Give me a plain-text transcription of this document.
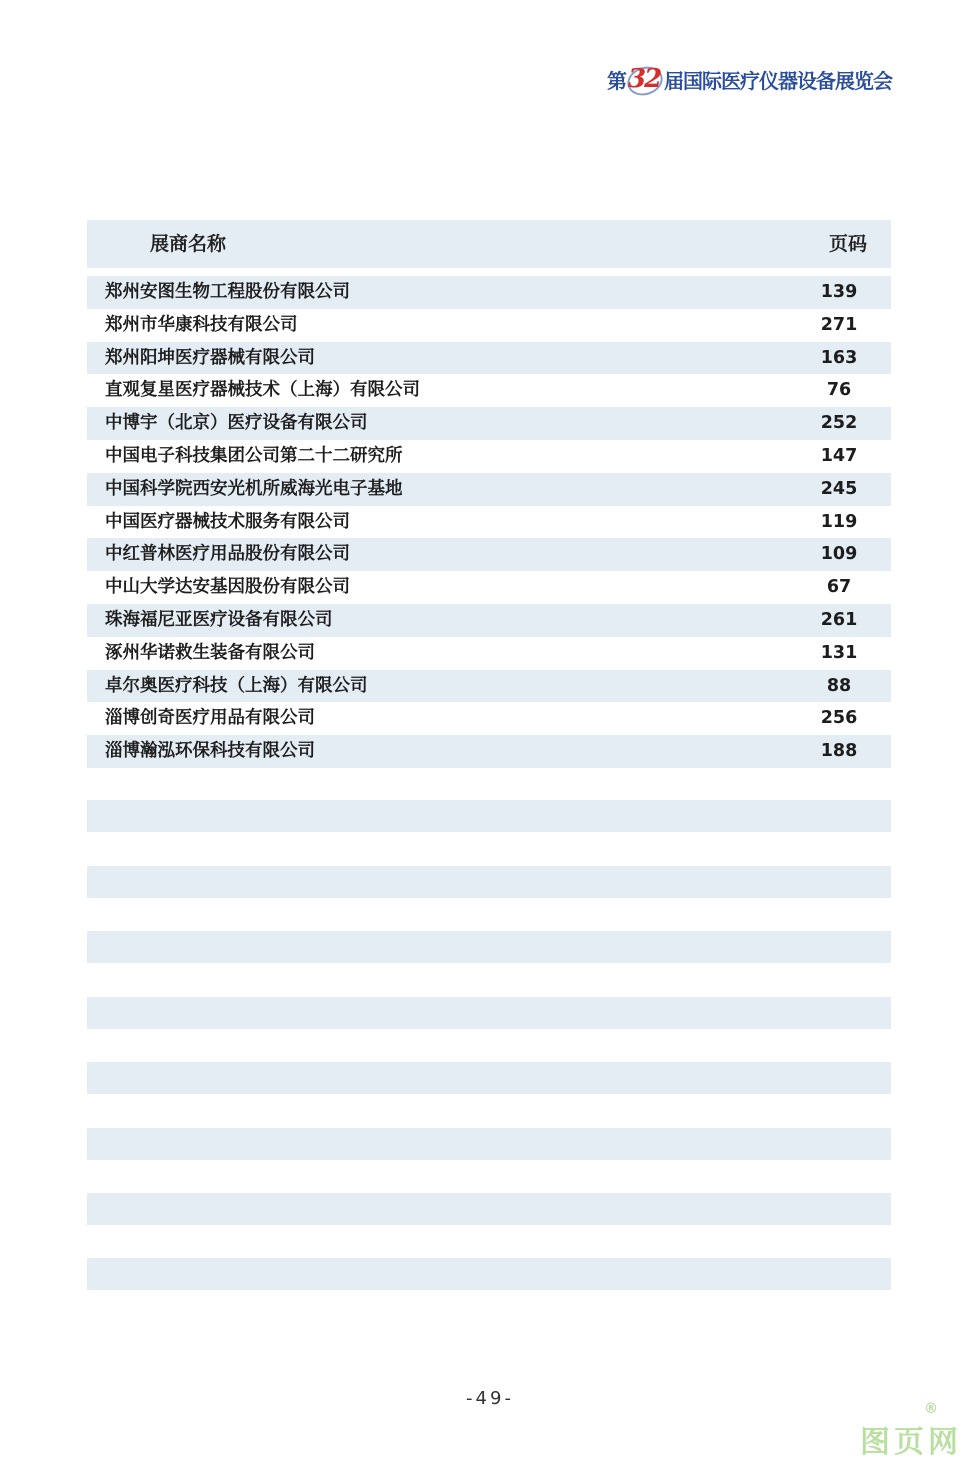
第 32 届国际医疗仪器设备展览会
展商名称	页码
郑州安图生物工程股份有限公司	139
郑州市华康科技有限公司	271
郑州阳坤医疗器械有限公司	163
直观复星医疗器械技术（上海）有限公司	76
中博宇（北京）医疗设备有限公司	252
中国电子科技集团公司第二十二研究所	147
中国科学院西安光机所威海光电子基地	245
中国医疗器械技术服务有限公司	119
中红普林医疗用品股份有限公司	109
中山大学达安基因股份有限公司	67
珠海福尼亚医疗设备有限公司	261
涿州华诺救生装备有限公司	131
卓尔奥医疗科技（上海）有限公司	88
淄博创奇医疗用品有限公司	256
淄博瀚泓环保科技有限公司	188
-49-
图页网
®
